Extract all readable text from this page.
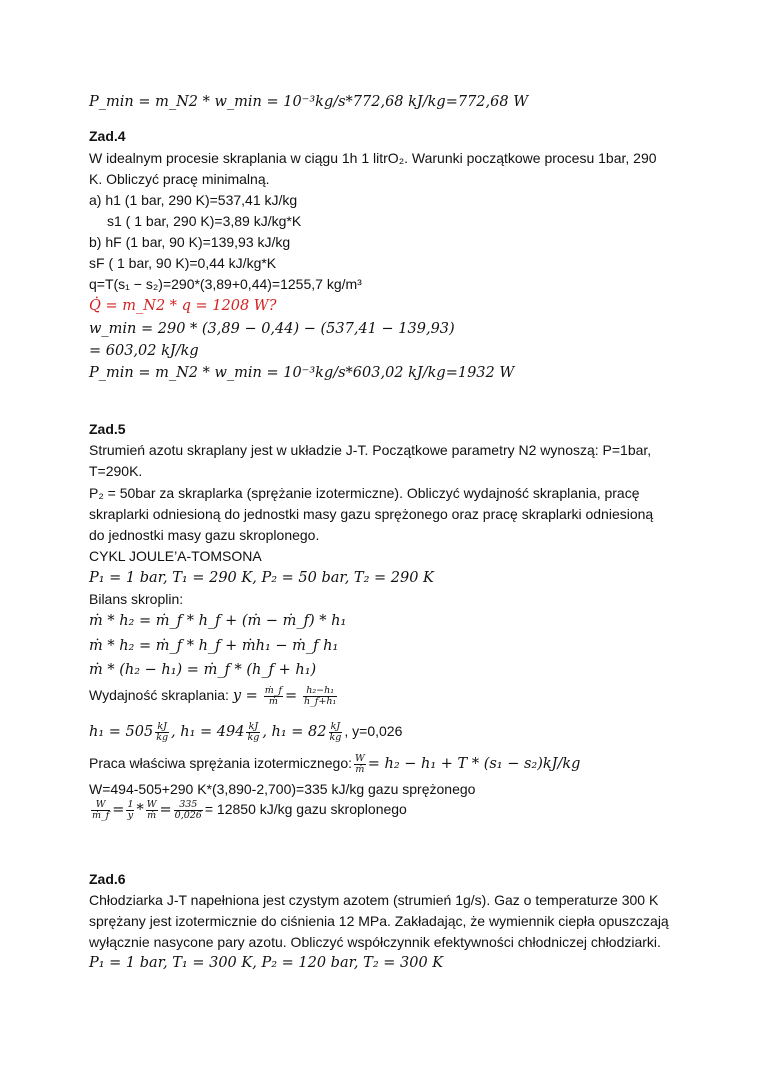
P_min = m_N2 * w_min = 10⁻³kg/s*772,68 kJ/kg=772,68 W
Zad.4
W idealnym procesie skraplania w ciągu 1h 1 litrO₂. Warunki początkowe procesu 1bar, 290
K. Obliczyć pracę minimalną.
a) h1 (1 bar, 290 K)=537,41 kJ/kg
s1 ( 1 bar, 290 K)=3,89 kJ/kg*K
b) hF (1 bar, 90 K)=139,93 kJ/kg
sF ( 1 bar, 90 K)=0,44 kJ/kg*K
q=T(s₁ − s₂)=290*(3,89+0,44)=1255,7 kg/m³
Q̇ = m_N2 * q = 1208 W?
w_min = 290 * (3,89 − 0,44) − (537,41 − 139,93)
= 603,02 kJ/kg
P_min = m_N2 * w_min = 10⁻³kg/s*603,02 kJ/kg=1932 W
Zad.5
Strumień azotu skraplany jest w układzie J-T. Początkowe parametry N2 wynoszą: P=1bar,
T=290K.
P₂ = 50bar za skraplarka (sprężanie izotermiczne). Obliczyć wydajność skraplania, pracę
skraplarki odniesioną do jednostki masy gazu sprężonego oraz pracę skraplarki odniesioną
do jednostki masy gazu skroplonego.
CYKL JOULE’A-TOMSONA
P₁ = 1 bar, T₁ = 290 K, P₂ = 50 bar, T₂ = 290 K
Bilans skroplin:
ṁ * h₂ = ṁ_f * h_f + (ṁ − ṁ_f) * h₁
ṁ * h₂ = ṁ_f * h_f + ṁh₁ − ṁ_f h₁
ṁ * (h₂ − h₁) = ṁ_f * (h_f + h₁)
Wydajność skraplania: $y = \frac{\text{ṁ\_f}}{\text{ṁ}} = \frac{\text{h₂−h₁}}{\text{h\_f+h₁}}$
$h_1 = 505 \frac{kJ}{kg}$ , $h_1 = 494 \frac{kJ}{kg}$ , $h_1 = 82 \frac{kJ}{kg}$ , y=0,026
Praca właściwa sprężania izotermicznego: $\frac{W}{\text{ṁ}} = h_2 - h_1 + T * (s_1 - s_2)kJ/kg$
W=494-505+290 K*(3,890-2,700)=335 kJ/kg gazu sprężonego
$\frac{W}{\text{ṁ\_f}} = \frac{1}{y} * \frac{W}{\text{ṁ}} = \frac{335}{0,026} = 12850$ kJ/kg gazu skroplonego
Zad.6
Chłodziarka J-T napełniona jest czystym azotem (strumień 1g/s). Gaz o temperaturze 300 K
sprężany jest izotermicznie do ciśnienia 12 MPa. Zakładając, że wymiennik ciepła opuszczają
wyłącznie nasycone pary azotu. Obliczyć współczynnik efektywności chłodniczej chłodziarki.
P₁ = 1 bar, T₁ = 300 K, P₂ = 120 bar, T₂ = 300 K
